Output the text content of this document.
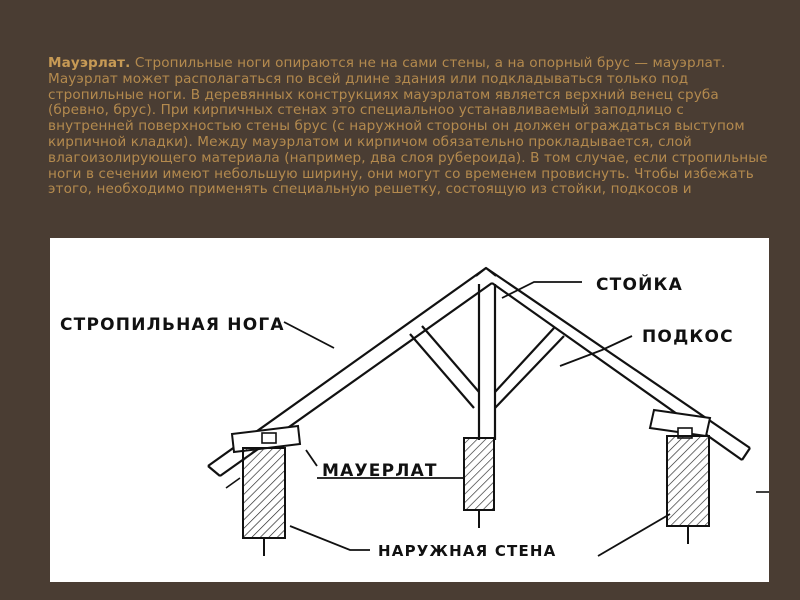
Мауэрлат. Стропильные ноги опираются не на сами стены, а на опорный брус — мауэрлат. Мауэрлат может располагаться по всей длине здания или подкладываться только под стропильные ноги. В деревянных конструкциях мауэрлатом является верхний венец сруба (бревно, брус). При кирпичных стенах это специальноо устанавливаемый заподлицо с внутренней поверхностью стены брус (с наружной стороны он должен ограждаться выступом кирпичной кладки). Между мауэрлатом и кирпичом обязательно прокладывается, слой влагоизолирующего материала (например, два слоя рубероида). В том случае, если стропильные ноги в сечении имеют небольшую ширину, они могут со временем провиснуть. Чтобы избежать этого, необходимо применять специальную решетку, состоящую из стойки, подкосов и
СТРОПИЛЬНАЯ НОГА
СТОЙКА
ПОДКОС
МАУЕРЛАТ
НАРУЖНАЯ СТЕНА
